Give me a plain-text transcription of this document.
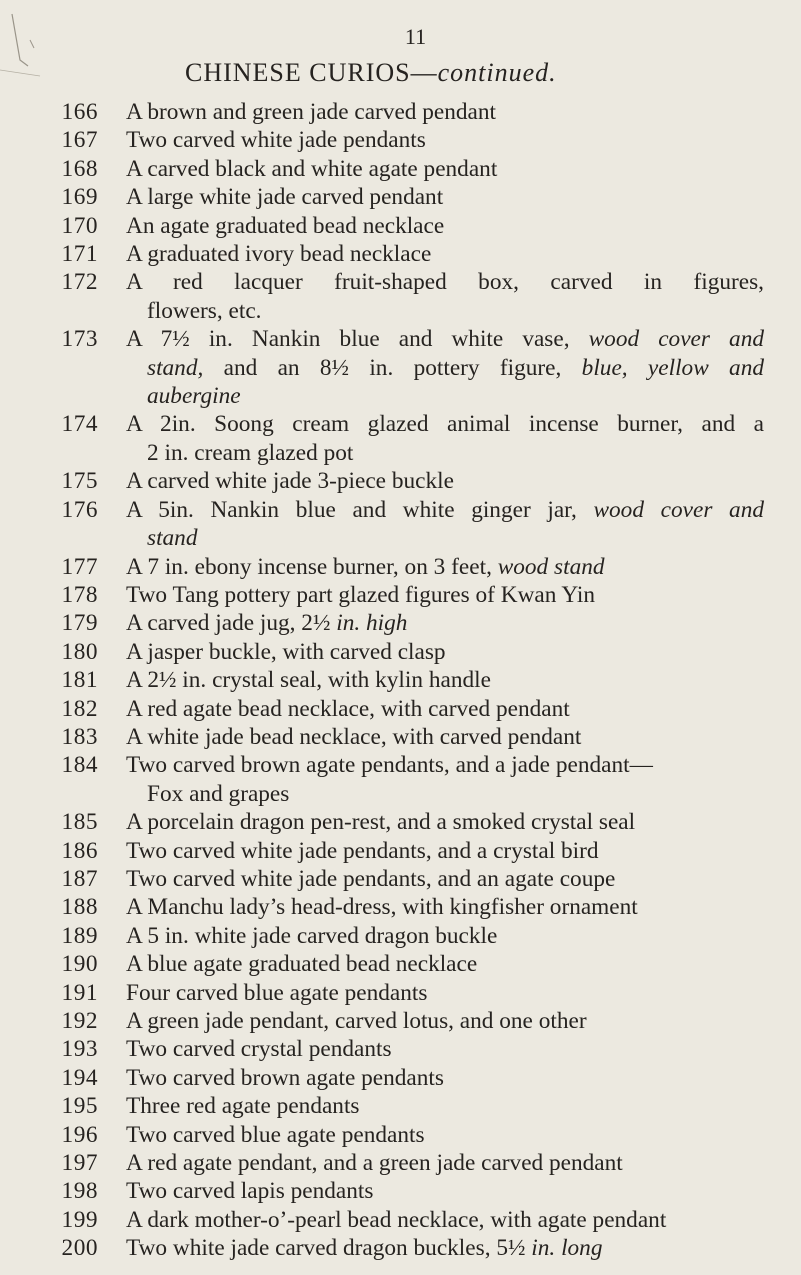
11
CHINESE CURIOS—continued.
166	A brown and green jade carved pendant
167	Two carved white jade pendants
168	A carved black and white agate pendant
169	A large white jade carved pendant
170	An agate graduated bead necklace
171	A graduated ivory bead necklace
172	A red lacquer fruit-shaped box, carved in figures,
flowers, etc.
173	A 7½ in. Nankin blue and white vase, wood cover and
stand, and an 8½ in. pottery figure, blue, yellow and
aubergine
174	A 2in. Soong cream glazed animal incense burner, and a
2 in. cream glazed pot
175	A carved white jade 3-piece buckle
176	A 5in. Nankin blue and white ginger jar, wood cover and
stand
177	A 7 in. ebony incense burner, on 3 feet, wood stand
178	Two Tang pottery part glazed figures of Kwan Yin
179	A carved jade jug, 2½ in. high
180	A jasper buckle, with carved clasp
181	A 2½ in. crystal seal, with kylin handle
182	A red agate bead necklace, with carved pendant
183	A white jade bead necklace, with carved pendant
184	Two carved brown agate pendants, and a jade pendant—
Fox and grapes
185	A porcelain dragon pen-rest, and a smoked crystal seal
186	Two carved white jade pendants, and a crystal bird
187	Two carved white jade pendants, and an agate coupe
188	A Manchu lady’s head-dress, with kingfisher ornament
189	A 5 in. white jade carved dragon buckle
190	A blue agate graduated bead necklace
191	Four carved blue agate pendants
192	A green jade pendant, carved lotus, and one other
193	Two carved crystal pendants
194	Two carved brown agate pendants
195	Three red agate pendants
196	Two carved blue agate pendants
197	A red agate pendant, and a green jade carved pendant
198	Two carved lapis pendants
199	A dark mother-o’-pearl bead necklace, with agate pendant
200	Two white jade carved dragon buckles, 5½ in. long
